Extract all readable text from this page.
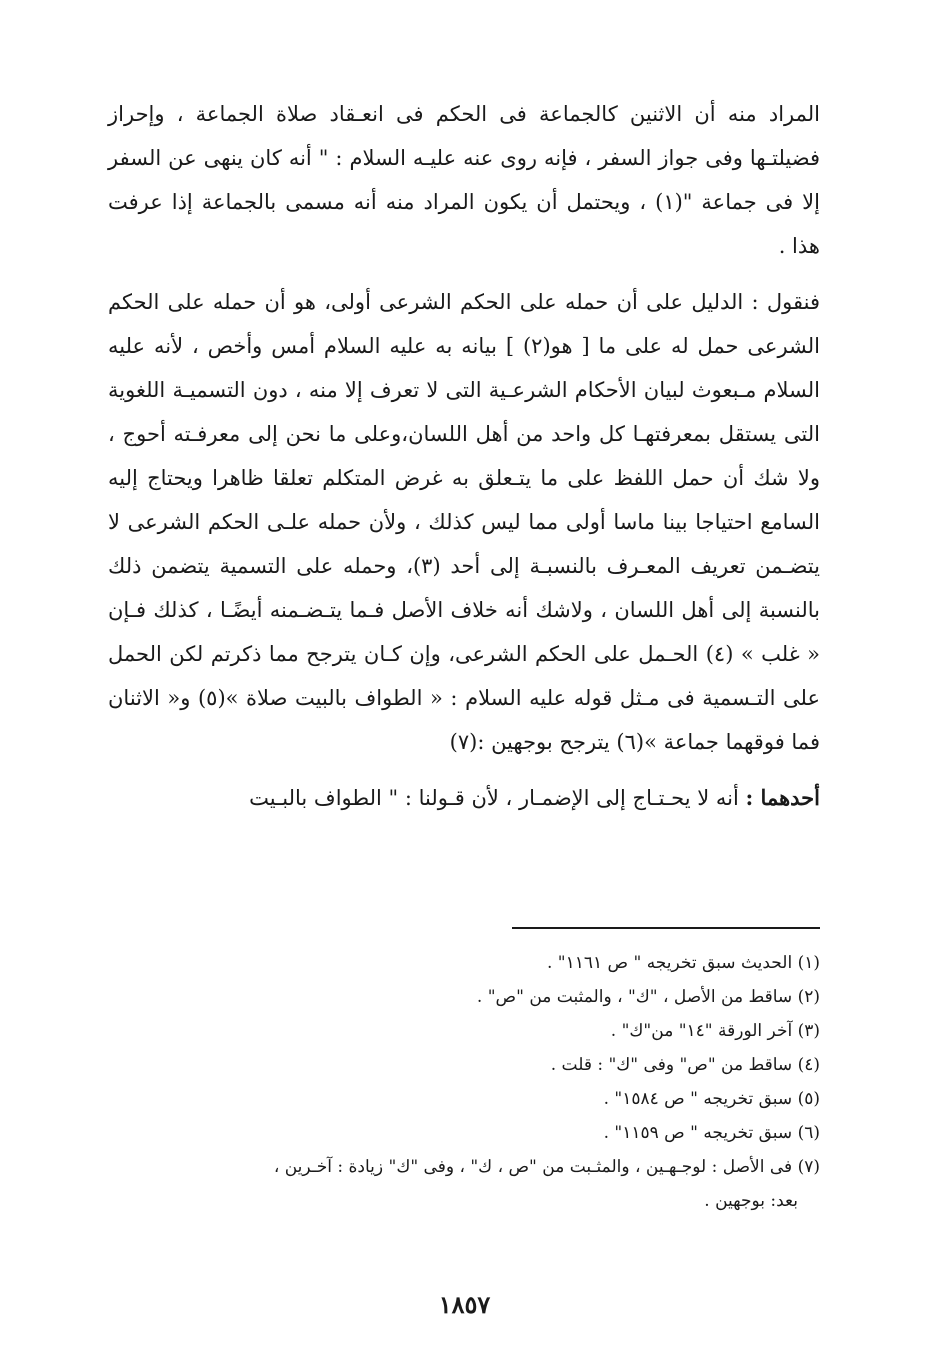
المراد منه أن الاثنين كالجماعة فى الحكم فى انعـقاد صلاة الجماعة ، وإحراز فضيلتـها وفى جواز السفر ، فإنه روى عنه عليـه السلام : " أنه كان ينهى عن السفر إلا فى جماعة "(١) ، ويحتمل أن يكون المراد منه أنه مسمى بالجماعة إذا عرفت هذا .

فنقول : الدليل على أن حمله على الحكم الشرعى أولى، هو أن حمله على الحكم الشرعى حمل له على ما [ هو(٢) ] بيانه به عليه السلام أمس وأخص ، لأنه عليه السلام مـبعوث لبيان الأحكام الشرعـية التى لا تعرف إلا منه ، دون التسميـة اللغوية التى يستقل بمعرفتهـا كل واحد من أهل اللسان،وعلى ما نحن إلى معرفـته أحوج ، ولا شك أن حمل اللفظ على ما يتـعلق به غرض المتكلم تعلقا ظاهرا ويحتاج إليه السامع احتياجا بينا ماسا أولى مما ليس كذلك ، ولأن حمله علـى الحكم الشرعى لا يتضـمن تعريف المعـرف بالنسبـة إلى أحد (٣)، وحمله على التسمية يتضمن ذلك بالنسبة إلى أهل اللسان ، ولاشك أنه خلاف الأصل فـما يتـضـمنه أيضًـا ، كذلك فـإن « غلب » (٤) الحـمل على الحكم الشرعى، وإن كـان يترجح مما ذكرتم لكن الحمل على التـسمية فى مـثل قوله عليه السلام : « الطواف بالبيت صلاة »(٥) و« الاثنان فما فوقهما جماعة »(٦) يترجح بوجهين :(٧)

أحدهما : أنه لا يحـتـاج إلى الإضمـار ، لأن قـولنا : " الطواف بالبـيت

(١) الحديث سبق تخريجه " ص ١١٦١" .
(٢) ساقط من الأصل ، "ك" ، والمثبت من "ص" .
(٣) آخر الورقة "١٤" من"ك" .
(٤) ساقط من "ص" وفى "ك" : قلت .
(٥) سبق تخريجه " ص ١٥٨٤" .
(٦) سبق تخريجه " ص ١١٥٩" .
(٧) فى الأصل : لوجـهـين ، والمثـبت من "ص ، ك" ، وفى "ك" زيادة : آخـرين ،
بعد: بوجهين .
١٨٥٧
